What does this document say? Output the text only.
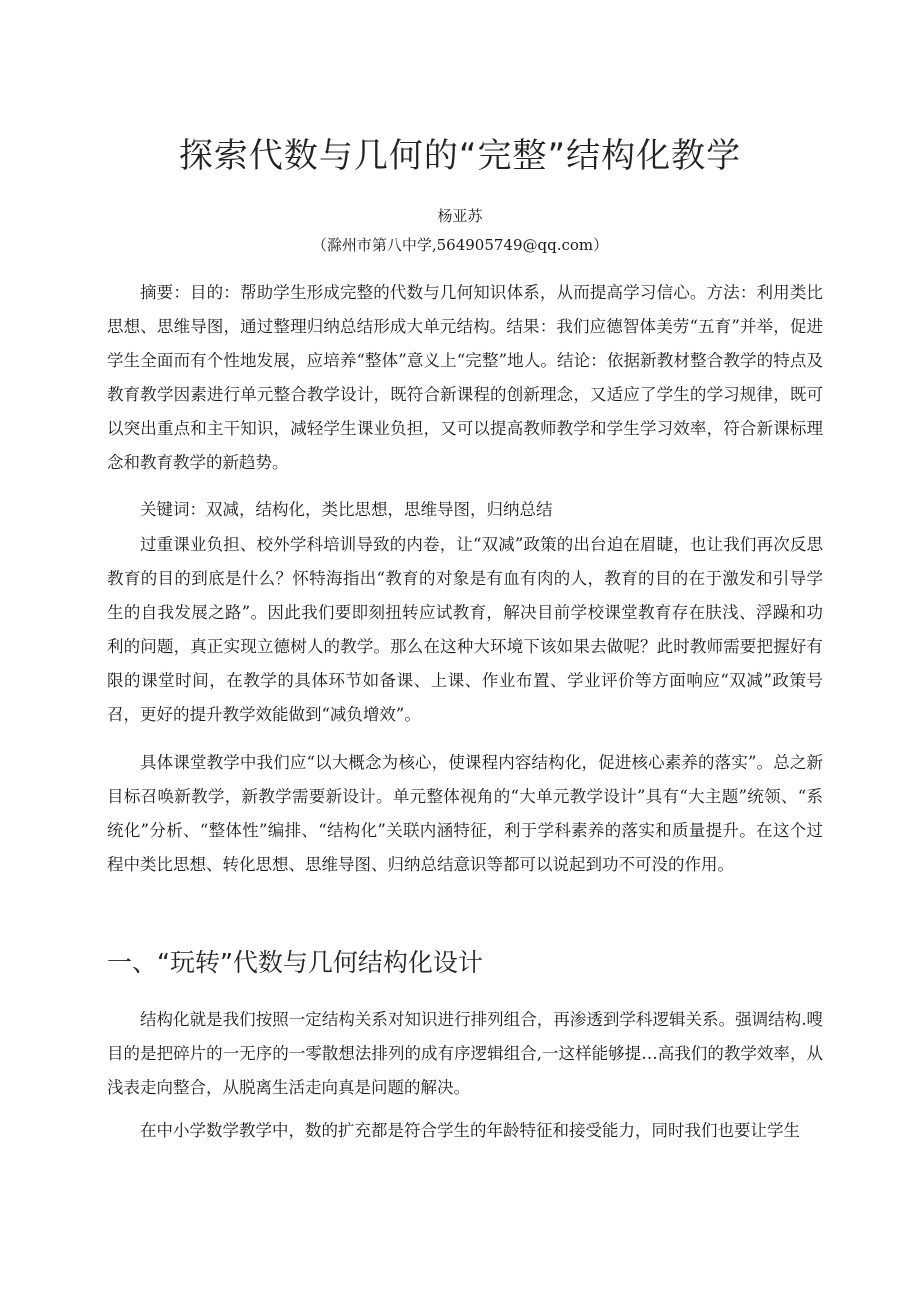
探索代数与几何的“完整”结构化教学
杨亚苏
（滁州市第八中学,564905749@qq.com）

摘要：目的：帮助学生形成完整的代数与几何知识体系，从而提高学习信心。方法：利用类比思想、思维导图，通过整理归纳总结形成大单元结构。结果：我们应德智体美劳“五育”并举，促进学生全面而有个性地发展，应培养“整体”意义上“完整”地人。结论：依据新教材整合教学的特点及教育教学因素进行单元整合教学设计，既符合新课程的创新理念，又适应了学生的学习规律，既可以突出重点和主干知识，减轻学生课业负担，又可以提高教师教学和学生学习效率，符合新课标理念和教育教学的新趋势。

关键词：双减，结构化，类比思想，思维导图，归纳总结

过重课业负担、校外学科培训导致的内卷，让“双减”政策的出台迫在眉睫，也让我们再次反思教育的目的到底是什么？怀特海指出“教育的对象是有血有肉的人，教育的目的在于激发和引导学生的自我发展之路”。因此我们要即刻扭转应试教育，解决目前学校课堂教育存在肤浅、浮躁和功利的问题，真正实现立德树人的教学。那么在这种大环境下该如果去做呢？此时教师需要把握好有限的课堂时间，在教学的具体环节如备课、上课、作业布置、学业评价等方面响应“双减”政策号召，更好的提升教学效能做到“减负增效”。

具体课堂教学中我们应“以大概念为核心，使课程内容结构化，促进核心素养的落实”。总之新目标召唤新教学，新教学需要新设计。单元整体视角的“大单元教学设计”具有“大主题”统领、“系统化”分析、“整体性”编排、“结构化”关联内涵特征，利于学科素养的落实和质量提升。在这个过程中类比思想、转化思想、思维导图、归纳总结意识等都可以说起到功不可没的作用。

一、“玩转”代数与几何结构化设计

结构化就是我们按照一定结构关系对知识进行排列组合，再渗透到学科逻辑关系。强调结构.嗖目的是把碎片的一无序的一零散想法排列的成有序逻辑组合,一这样能够提…高我们的教学效率，从浅表走向整合，从脱离生活走向真是问题的解决。

在中小学数学教学中，数的扩充都是符合学生的年龄特征和接受能力，同时我们也要让学生
